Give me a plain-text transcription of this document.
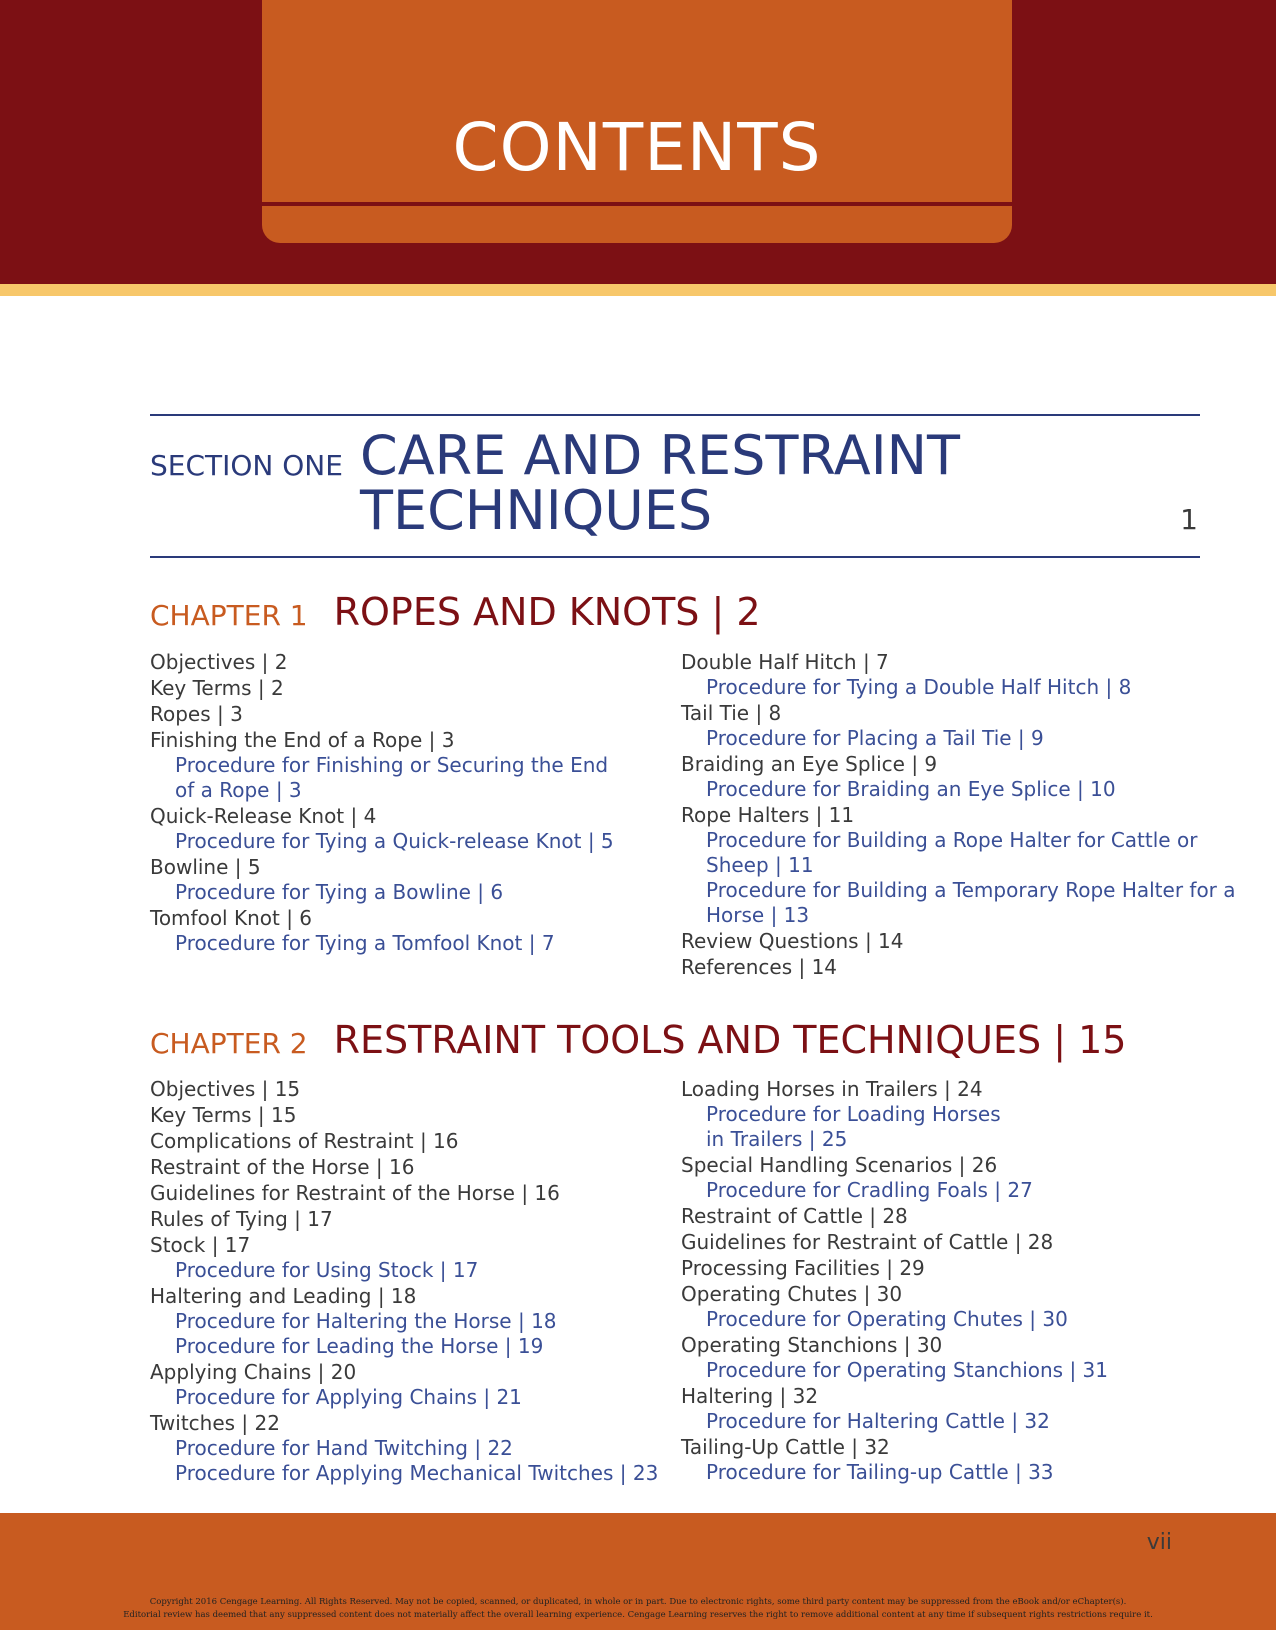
CONTENTS
SECTION ONE CARE AND RESTRAINT
TECHNIQUES	1
CHAPTER 1 ROPES AND KNOTS | 2
Objectives | 2
Key Terms | 2
Ropes | 3
Finishing the End of a Rope | 3
Procedure for Finishing or Securing the End
of a Rope | 3
Quick-Release Knot | 4
Procedure for Tying a Quick-release Knot | 5
Bowline | 5
Procedure for Tying a Bowline | 6
Tomfool Knot | 6
Procedure for Tying a Tomfool Knot | 7
Double Half Hitch | 7
Procedure for Tying a Double Half Hitch | 8
Tail Tie | 8
Procedure for Placing a Tail Tie | 9
Braiding an Eye Splice | 9
Procedure for Braiding an Eye Splice | 10
Rope Halters | 11
Procedure for Building a Rope Halter for Cattle or
Sheep | 11
Procedure for Building a Temporary Rope Halter for a
Horse | 13
Review Questions | 14
References | 14
CHAPTER 2 RESTRAINT TOOLS AND TECHNIQUES | 15
Objectives | 15
Key Terms | 15
Complications of Restraint | 16
Restraint of the Horse | 16
Guidelines for Restraint of the Horse | 16
Rules of Tying | 17
Stock | 17
Procedure for Using Stock | 17
Haltering and Leading | 18
Procedure for Haltering the Horse | 18
Procedure for Leading the Horse | 19
Applying Chains | 20
Procedure for Applying Chains | 21
Twitches | 22
Procedure for Hand Twitching | 22
Procedure for Applying Mechanical Twitches | 23
Loading Horses in Trailers | 24
Procedure for Loading Horses
in Trailers | 25
Special Handling Scenarios | 26
Procedure for Cradling Foals | 27
Restraint of Cattle | 28
Guidelines for Restraint of Cattle | 28
Processing Facilities | 29
Operating Chutes | 30
Procedure for Operating Chutes | 30
Operating Stanchions | 30
Procedure for Operating Stanchions | 31
Haltering | 32
Procedure for Haltering Cattle | 32
Tailing-Up Cattle | 32
Procedure for Tailing-up Cattle | 33
vii
Copyright 2016 Cengage Learning. All Rights Reserved. May not be copied, scanned, or duplicated, in whole or in part. Due to electronic rights, some third party content may be suppressed from the eBook and/or eChapter(s).
Editorial review has deemed that any suppressed content does not materially affect the overall learning experience. Cengage Learning reserves the right to remove additional content at any time if subsequent rights restrictions require it.
